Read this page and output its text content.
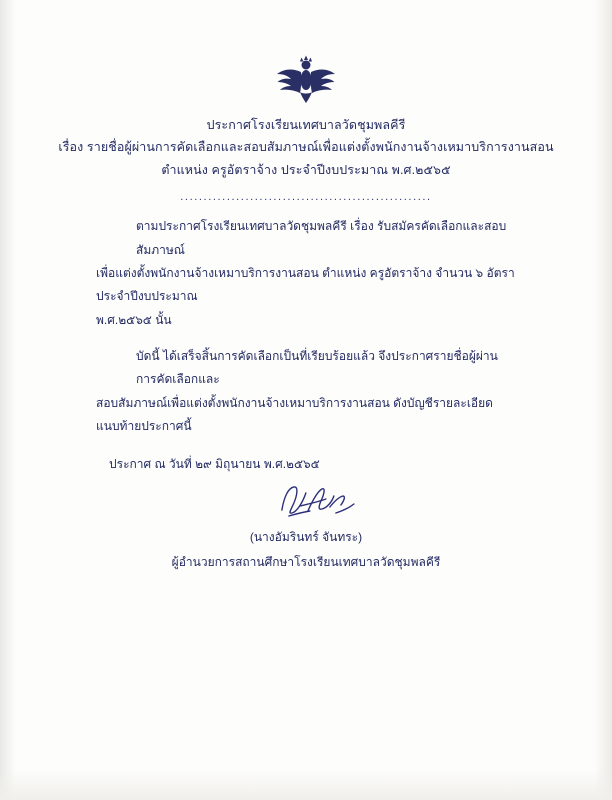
ประกาศโรงเรียนเทศบาลวัดชุมพลคีรี
เรื่อง รายชื่อผู้ผ่านการคัดเลือกและสอบสัมภาษณ์เพื่อแต่งตั้งพนักงานจ้างเหมาบริการงานสอน
ตำแหน่ง ครูอัตราจ้าง ประจำปีงบประมาณ พ.ศ.๒๕๖๕
......................................................
ตามประกาศโรงเรียนเทศบาลวัดชุมพลคีรี เรื่อง รับสมัครคัดเลือกและสอบสัมภาษณ์
เพื่อแต่งตั้งพนักงานจ้างเหมาบริการงานสอน ตำแหน่ง ครูอัตราจ้าง จำนวน ๖ อัตรา ประจำปีงบประมาณ
พ.ศ.๒๕๖๕ นั้น
บัดนี้ ได้เสร็จสิ้นการคัดเลือกเป็นที่เรียบร้อยแล้ว จึงประกาศรายชื่อผู้ผ่านการคัดเลือกและ
สอบสัมภาษณ์เพื่อแต่งตั้งพนักงานจ้างเหมาบริการงานสอน ดังบัญชีรายละเอียดแนบท้ายประกาศนี้
ประกาศ ณ วันที่ ๒๙ มิถุนายน พ.ศ.๒๕๖๕
(นางอัมรินทร์ จันทระ)
ผู้อำนวยการสถานศึกษาโรงเรียนเทศบาลวัดชุมพลคีรี
